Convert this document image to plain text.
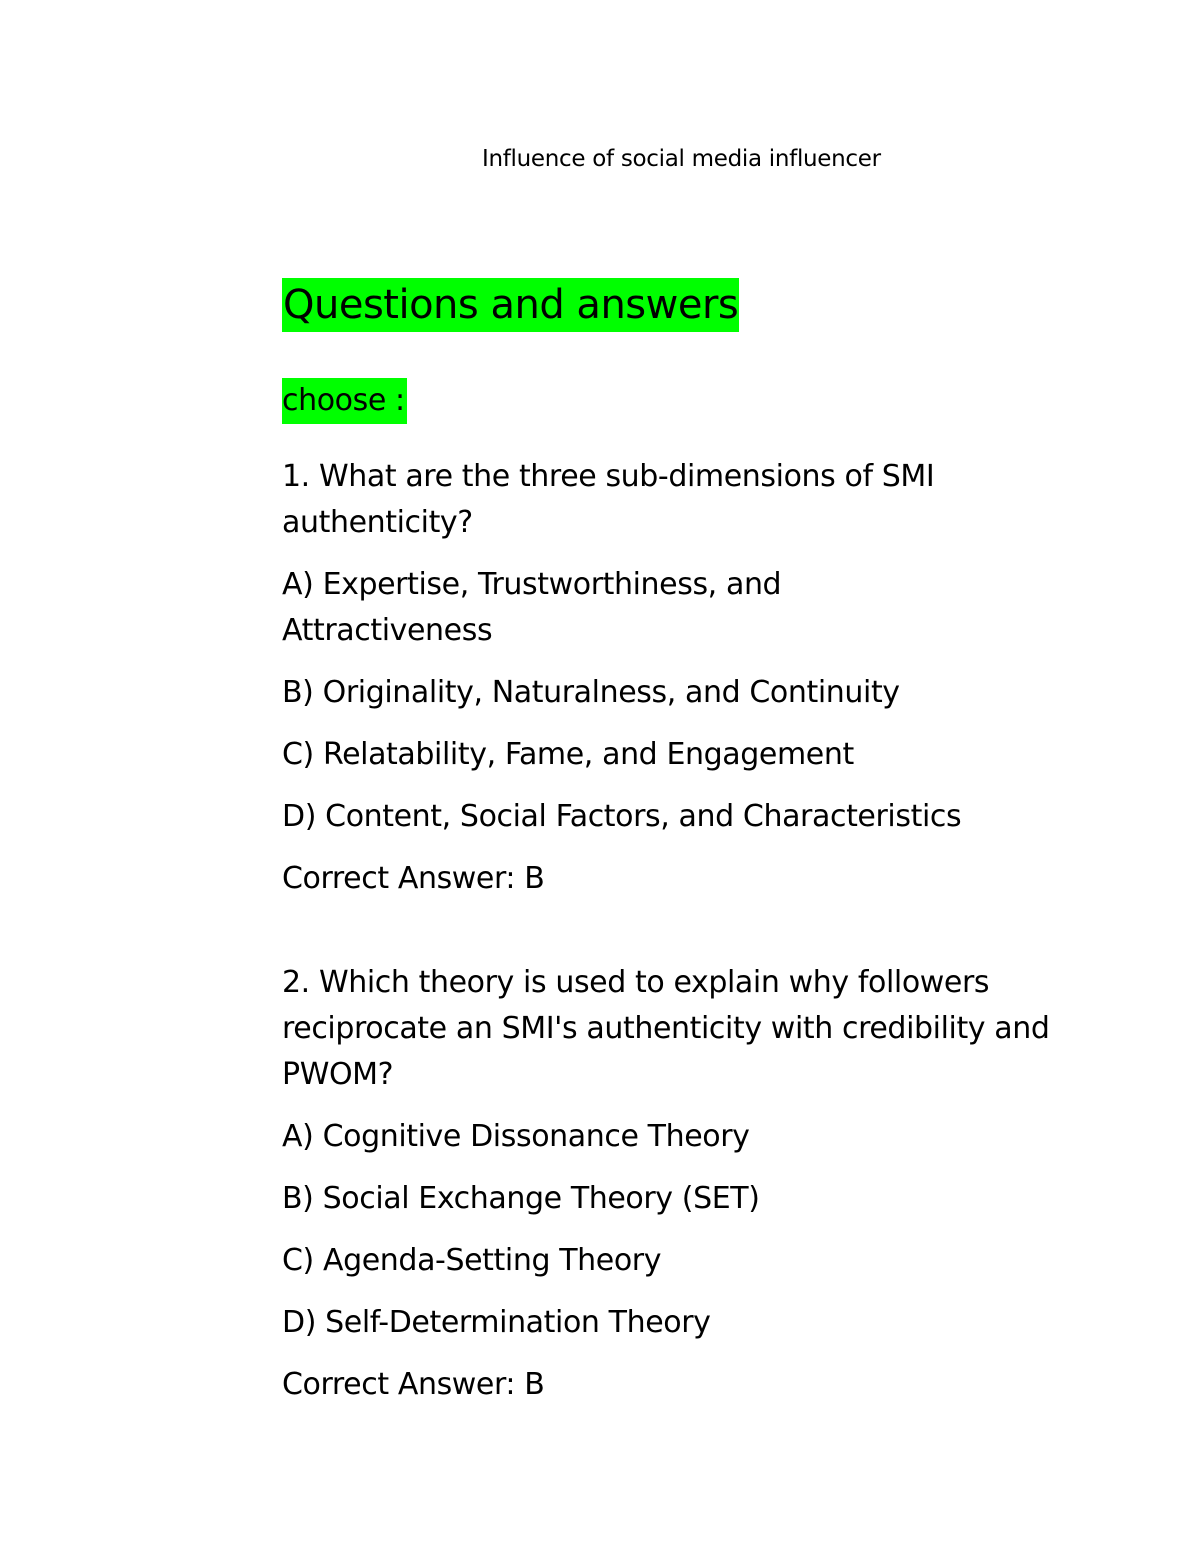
Influence of social media influencer
Questions and answers
choose :

1. What are the three sub-dimensions of SMI authenticity?

A) Expertise, Trustworthiness, and Attractiveness

B) Originality, Naturalness, and Continuity

C) Relatability, Fame, and Engagement

D) Content, Social Factors, and Characteristics

Correct Answer: B

2. Which theory is used to explain why followers reciprocate an SMI's authenticity with credibility and PWOM?

A) Cognitive Dissonance Theory

B) Social Exchange Theory (SET)

C) Agenda-Setting Theory

D) Self-Determination Theory

Correct Answer: B
